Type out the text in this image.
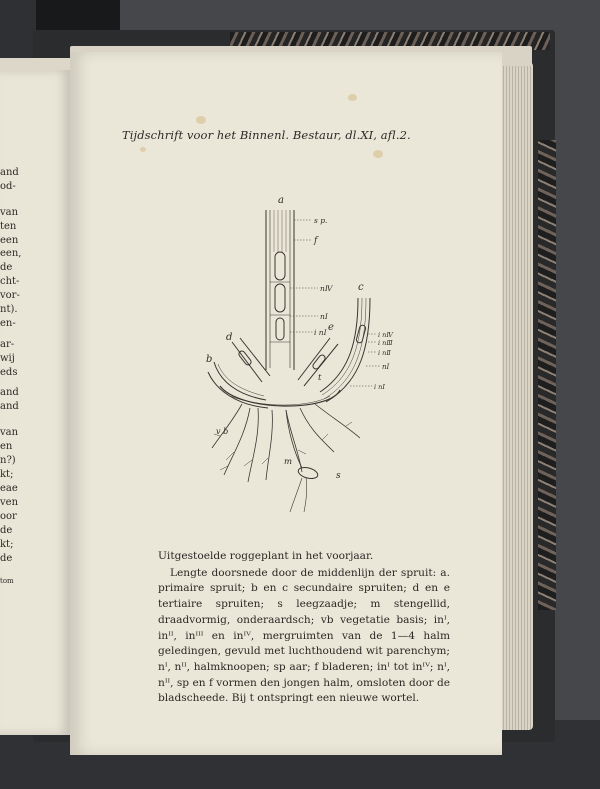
and
od-
van
ten
een
een,
de
cht-
vor-
nt).
en-
ar-
wij
eds
and
and
van
en
n?)
kt;
eae
ven
oor
de
kt;
de
tom
Tijdschrift voor het Binnenl. Bestaur, dl.XI, afl.2.
a
s p.
f
nⅣ
nⅠ
i nⅠ
c
i nⅣ
i nⅢ
i nⅡ
nⅠ
i nⅠ
d
e
b
t
v b
m
s

Uitgestoelde roggeplant in het voorjaar.

Lengte doorsnede door de middenlijn der spruit: a. primaire spruit; b en c secundaire spruiten; d en e tertiaire spruiten; s leegzaadje; m stengellid, draadvormig, onderaardsch; vb vegetatie basis; inᴵ, inᴵᴵ, inᴵᴵᴵ en inᴵⱽ, mergruimten van de 1—4 halm geledingen, gevuld met luchthoudend wit parenchym; nᴵ, nᴵᴵ, halmknoopen; sp aar; f bladeren; inᴵ tot inᴵⱽ; nᴵ, nᴵᴵ, sp en f vormen den jongen halm, omsloten door de bladscheede. Bij t ontspringt een nieuwe wortel.
